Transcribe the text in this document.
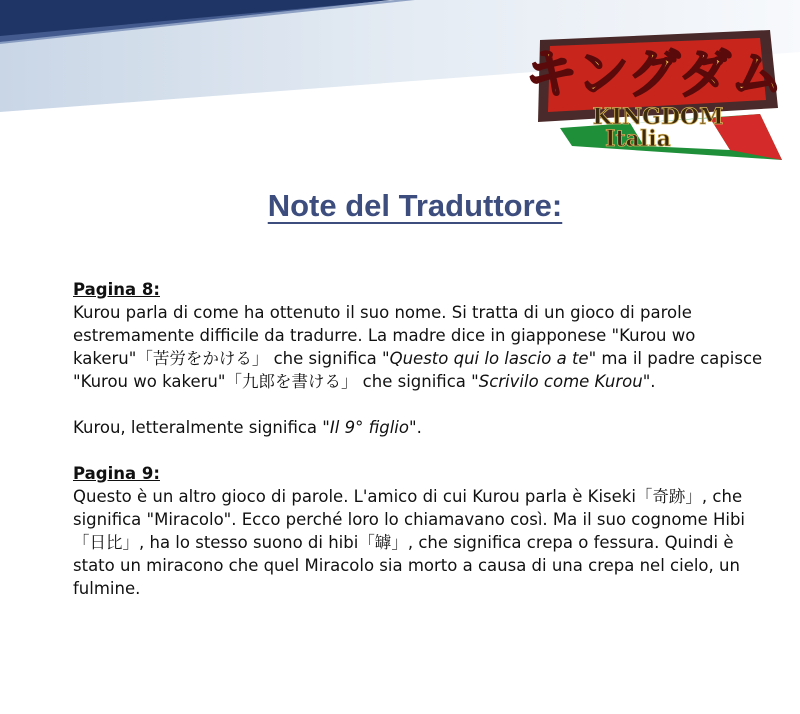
キングダム
KINGDOM
Italia
Note del Traduttore:
Pagina 8:
Kurou parla di come ha ottenuto il suo nome. Si tratta di un gioco di parole estremamente difficile da tradurre. La madre dice in giapponese "Kurou wo kakeru"「苦労をかける」 che significa "Questo qui lo lascio a te" ma il padre capisce "Kurou wo kakeru"「九郎を書ける」 che significa "Scrivilo come Kurou".
Kurou, letteralmente significa "Il 9° figlio".
Pagina 9:
Questo è un altro gioco di parole. L'amico di cui Kurou parla è Kiseki「奇跡」, che significa "Miracolo". Ecco perché loro lo chiamavano così. Ma il suo cognome Hibi「日比」, ha lo stesso suono di hibi「罅」, che significa crepa o fessura. Quindi è stato un miracono che quel Miracolo sia morto a causa di una crepa nel cielo, un fulmine.
